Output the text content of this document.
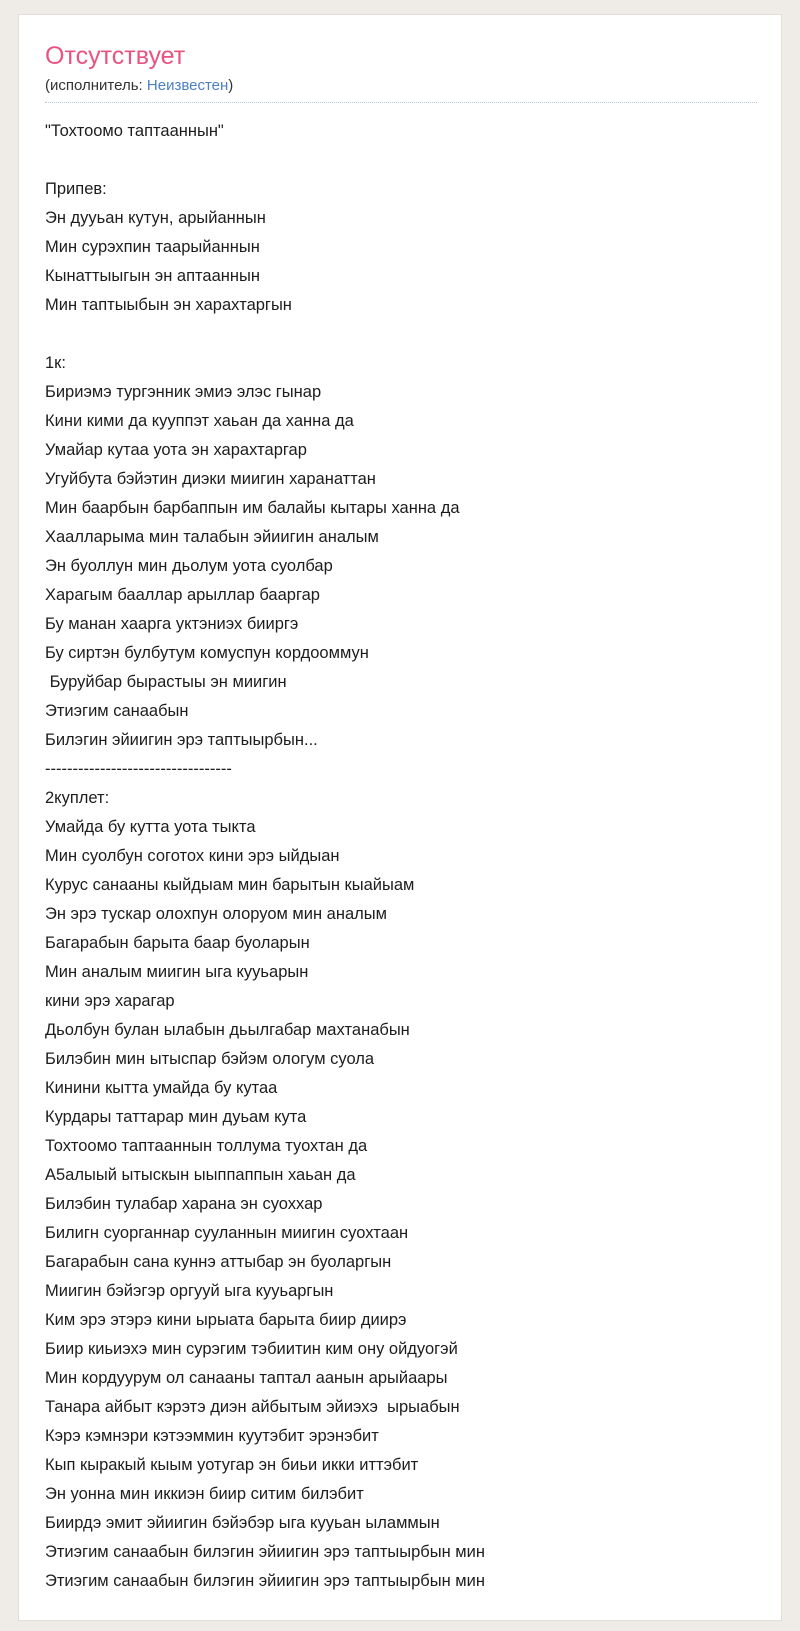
Отсутствует
(исполнитель: Неизвестен)
"Тохтоомо таптааннын"
Припев:
Эн дууьан кутун, арыйаннын
Мин сурэхпин таарыйаннын
Кынаттыыгын эн аптааннын
Мин таптыыбын эн харахтаргын
1к:
Бириэмэ тургэнник эмиэ элэс гынар
Кини кими да кууппэт хаьан да ханна да
Умайар кутаа уота эн харахтаргар
Угуйбута бэйэтин диэки миигин харанаттан
Мин баарбын барбаппын им балайы кытары ханна да
Хаалларыма мин талабын эйиигин аналым
Эн буоллун мин дьолум уота суолбар
Харагым бааллар арыллар бааргар
Бу манан хаарга уктэниэх бииргэ
Бу сиртэн булбутум комуспун кордооммун
Буруйбар бырастыы эн миигин
Этиэгим санаабын
Билэгин эйиигин эрэ таптыырбын...
----------------------------------
2куплет:
Умайда бу кутта уота тыкта
Мин суолбун соготох кини эрэ ыйдыан
Курус санааны кыйдыам мин барытын кыайыам
Эн эрэ тускар олохпун олоруом мин аналым
Багарабын барыта баар буоларын
Мин аналым миигин ыга кууьарын
кини эрэ харагар
Дьолбун булан ылабын дьылгабар махтанабын
Билэбин мин ытыспар бэйэм ологум суола
Кинини кытта умайда бу кутаа
Курдары таттарар мин дуьам кута
Тохтоомо таптааннын толлума туохтан да
А5алыый ытыскын ыыппаппын хаьан да
Билэбин тулабар харана эн суоххар
Билигн суорганнар сууланнын миигин суохтаан
Багарабын сана куннэ аттыбар эн буоларгын
Миигин бэйэгэр оргууй ыга кууьаргын
Ким эрэ этэрэ кини ырыата барыта биир диирэ
Биир киьиэхэ мин сурэгим тэбиитин ким ону ойдуогэй
Мин кордуурум ол санааны таптал аанын арыйаары
Танара айбыт кэрэтэ диэн айбытым эйиэхэ  ырыабын
Кэрэ кэмнэри кэтээммин куутэбит эрэнэбит
Кып кыракый кыым уотугар эн биьи икки иттэбит
Эн уонна мин иккиэн биир ситим билэбит
Биирдэ эмит эйиигин бэйэбэр ыга кууьан ыламмын
Этиэгим санаабын билэгин эйиигин эрэ таптыырбын мин
Этиэгим санаабын билэгин эйиигин эрэ таптыырбын мин
